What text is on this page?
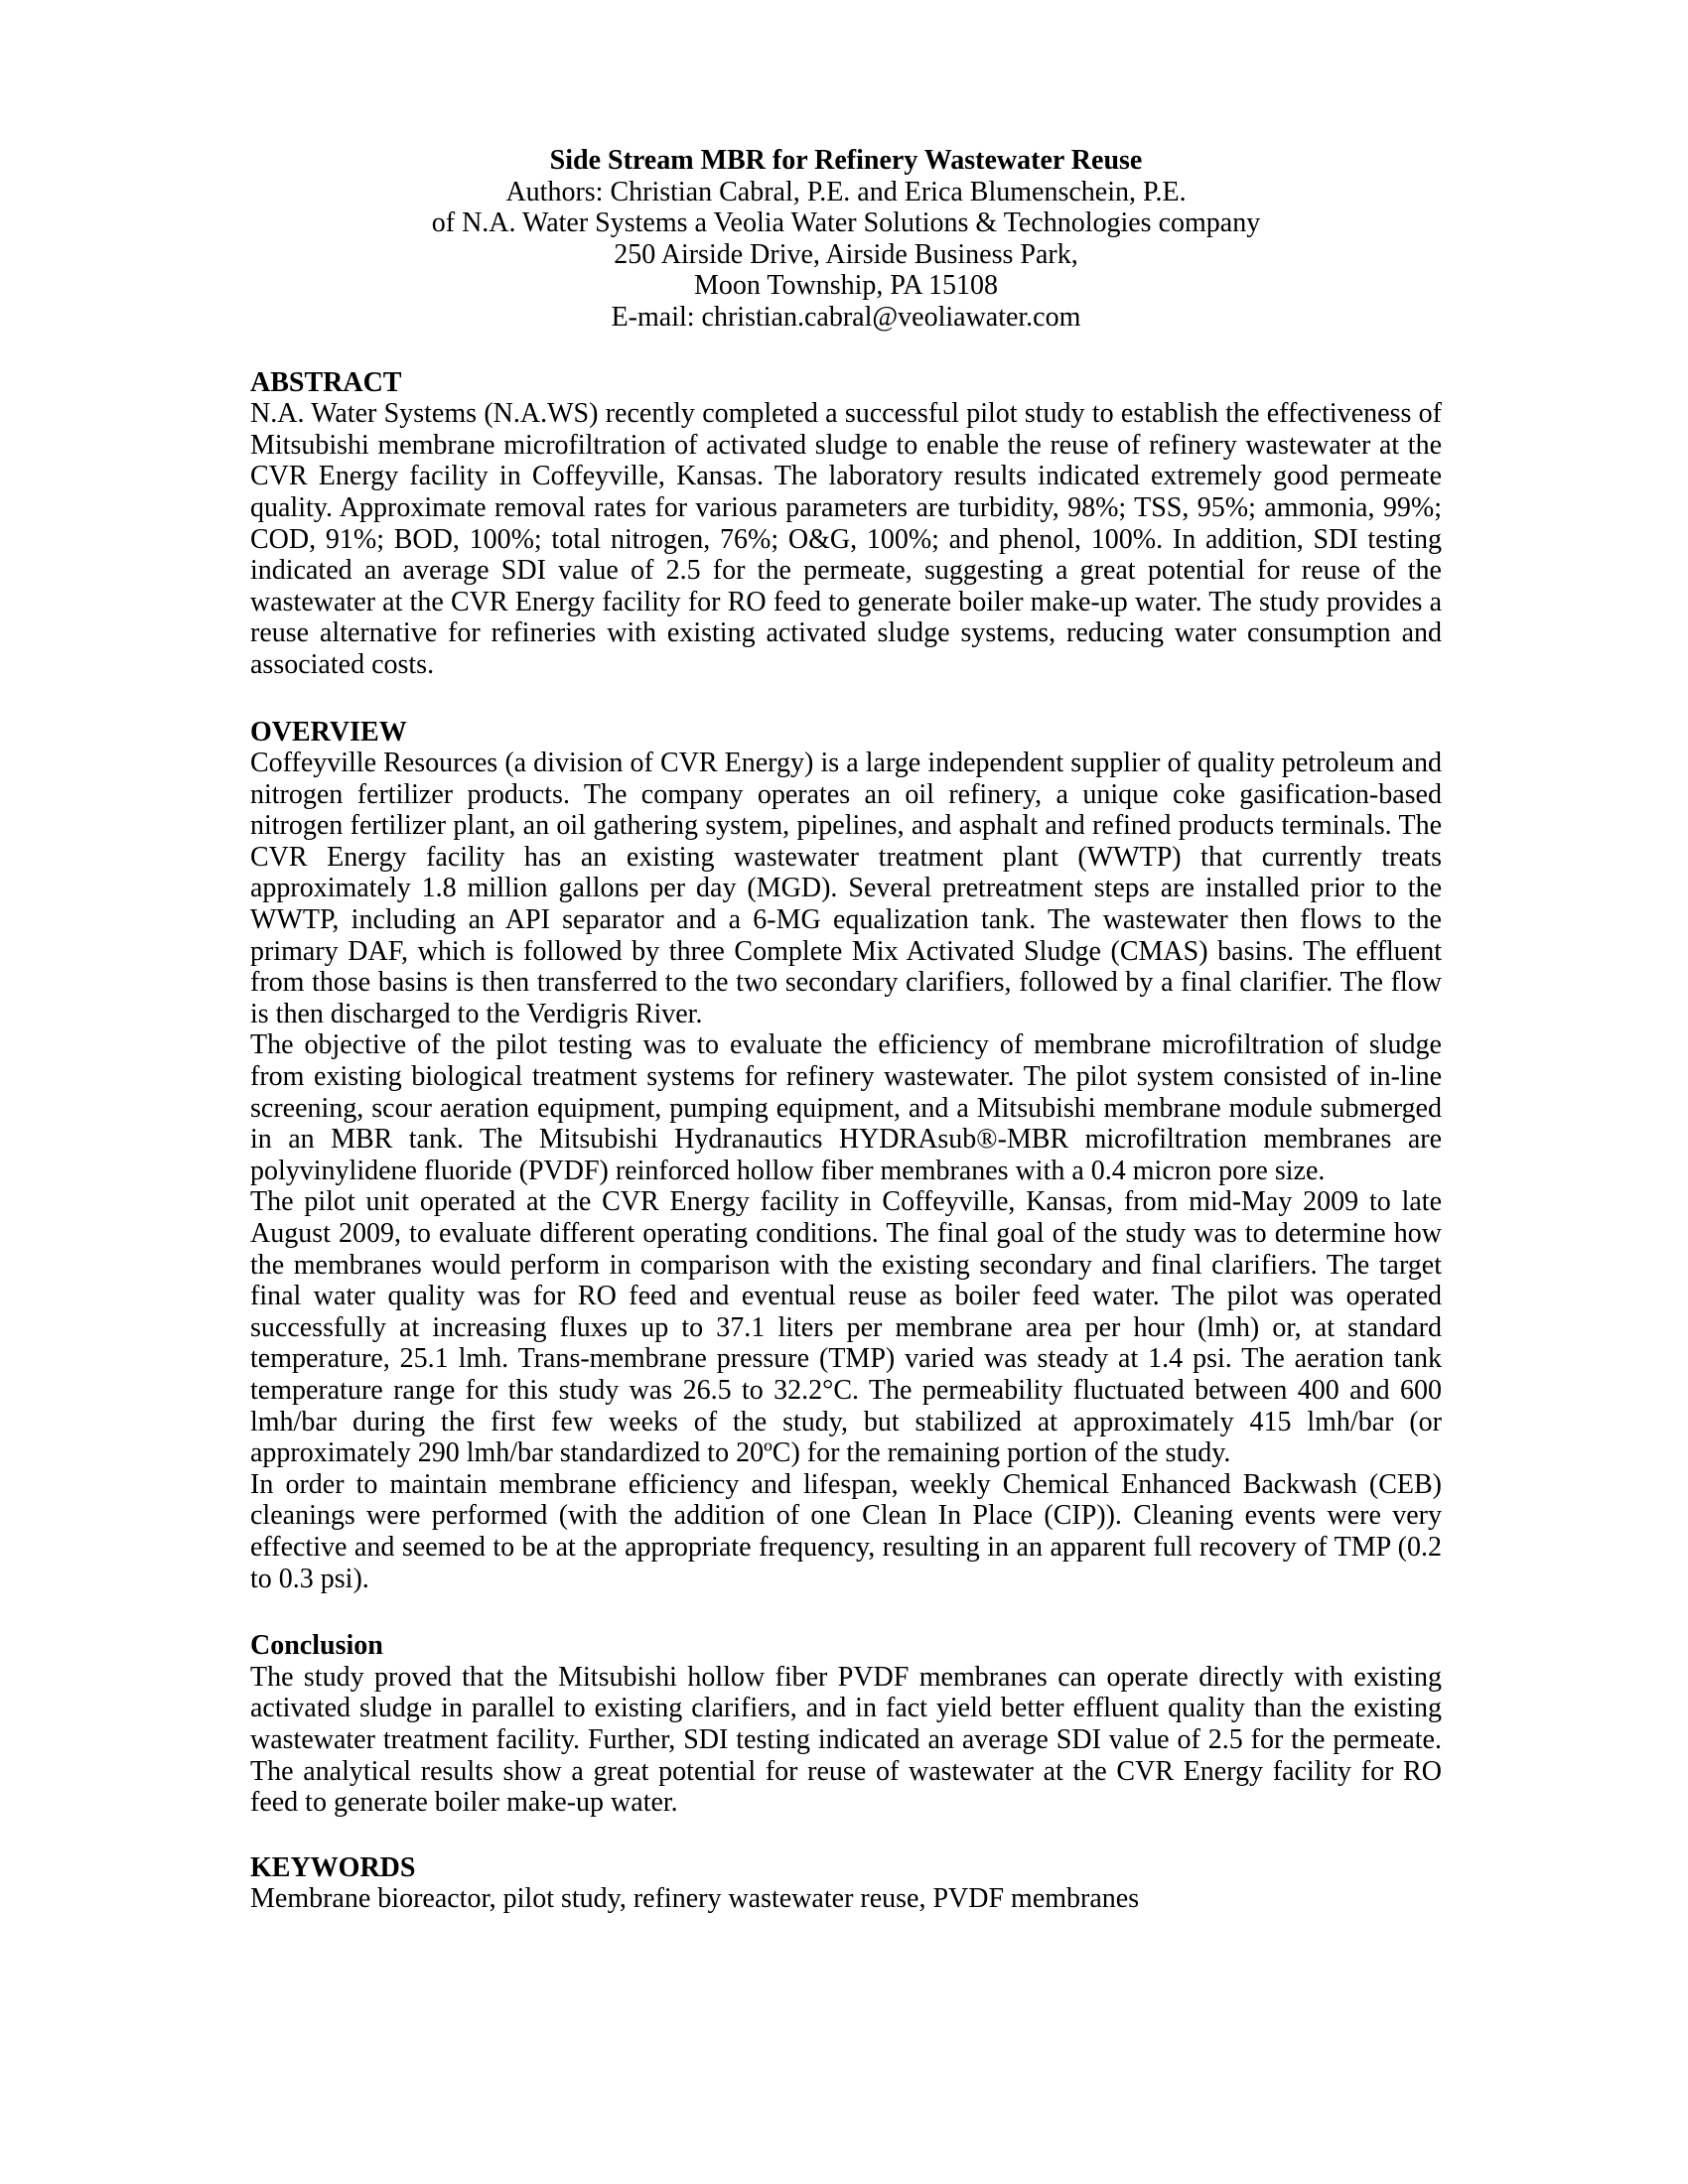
Side Stream MBR for Refinery Wastewater Reuse

Authors: Christian Cabral, P.E. and Erica Blumenschein, P.E.

of N.A. Water Systems a Veolia Water Solutions & Technologies company

250 Airside Drive, Airside Business Park,

Moon Township, PA 15108

E-mail: christian.cabral@veoliawater.com

ABSTRACT

N.A. Water Systems (N.A.WS) recently completed a successful pilot study to establish the effectiveness of Mitsubishi membrane microfiltration of activated sludge to enable the reuse of refinery wastewater at the CVR Energy facility in Coffeyville, Kansas. The laboratory results indicated extremely good permeate quality. Approximate removal rates for various parameters are turbidity, 98%; TSS, 95%; ammonia, 99%; COD, 91%; BOD, 100%; total nitrogen, 76%; O&G, 100%; and phenol, 100%. In addition, SDI testing indicated an average SDI value of 2.5 for the permeate, suggesting a great potential for reuse of the wastewater at the CVR Energy facility for RO feed to generate boiler make-up water. The study provides a reuse alternative for refineries with existing activated sludge systems, reducing water consumption and associated costs.

OVERVIEW

Coffeyville Resources (a division of CVR Energy) is a large independent supplier of quality petroleum and nitrogen fertilizer products. The company operates an oil refinery, a unique coke gasification-based nitrogen fertilizer plant, an oil gathering system, pipelines, and asphalt and refined products terminals. The CVR Energy facility has an existing wastewater treatment plant (WWTP) that currently treats approximately 1.8 million gallons per day (MGD). Several pretreatment steps are installed prior to the WWTP, including an API separator and a 6-MG equalization tank. The wastewater then flows to the primary DAF, which is followed by three Complete Mix Activated Sludge (CMAS) basins. The effluent from those basins is then transferred to the two secondary clarifiers, followed by a final clarifier. The flow is then discharged to the Verdigris River.

The objective of the pilot testing was to evaluate the efficiency of membrane microfiltration of sludge from existing biological treatment systems for refinery wastewater. The pilot system consisted of in-line screening, scour aeration equipment, pumping equipment, and a Mitsubishi membrane module submerged in an MBR tank. The Mitsubishi Hydranautics HYDRAsub®-MBR microfiltration membranes are polyvinylidene fluoride (PVDF) reinforced hollow fiber membranes with a 0.4 micron pore size.

The pilot unit operated at the CVR Energy facility in Coffeyville, Kansas, from mid-May 2009 to late August 2009, to evaluate different operating conditions. The final goal of the study was to determine how the membranes would perform in comparison with the existing secondary and final clarifiers. The target final water quality was for RO feed and eventual reuse as boiler feed water. The pilot was operated successfully at increasing fluxes up to 37.1 liters per membrane area per hour (lmh) or, at standard temperature, 25.1 lmh. Trans-membrane pressure (TMP) varied was steady at 1.4 psi. The aeration tank temperature range for this study was 26.5 to 32.2°C. The permeability fluctuated between 400 and 600 lmh/bar during the first few weeks of the study, but stabilized at approximately 415 lmh/bar (or approximately 290 lmh/bar standardized to 20ºC) for the remaining portion of the study.

In order to maintain membrane efficiency and lifespan, weekly Chemical Enhanced Backwash (CEB) cleanings were performed (with the addition of one Clean In Place (CIP)). Cleaning events were very effective and seemed to be at the appropriate frequency, resulting in an apparent full recovery of TMP (0.2 to 0.3 psi).

Conclusion

The study proved that the Mitsubishi hollow fiber PVDF membranes can operate directly with existing activated sludge in parallel to existing clarifiers, and in fact yield better effluent quality than the existing wastewater treatment facility. Further, SDI testing indicated an average SDI value of 2.5 for the permeate. The analytical results show a great potential for reuse of wastewater at the CVR Energy facility for RO feed to generate boiler make-up water.

KEYWORDS

Membrane bioreactor, pilot study, refinery wastewater reuse, PVDF membranes
